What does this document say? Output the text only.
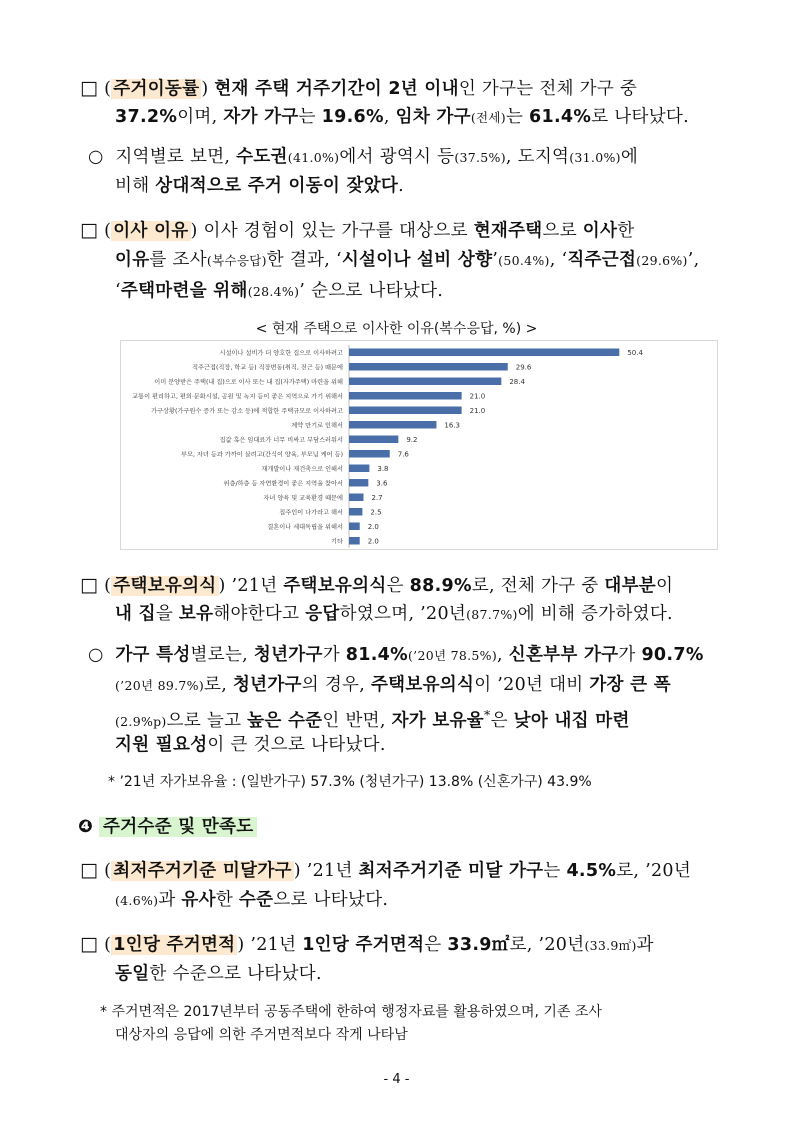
□ ( 주거이동률 ) 현재 주택 거주기간이 2년 이내인 가구는 전체 가구 중
37.2%이며, 자가 가구는 19.6%, 임차 가구(전세)는 61.4%로 나타났다.
○ 지역별로 보면, 수도권(41.0%)에서 광역시 등(37.5%), 도지역(31.0%)에
비해 상대적으로 주거 이동이 잦았다.
□ ( 이사 이유 ) 이사 경험이 있는 가구를 대상으로 현재주택으로 이사한
이유를 조사(복수응답)한 결과, ‘시설이나 설비 상향’(50.4%), ‘직주근접(29.6%)’,
‘주택마련을 위해(28.4%)’ 순으로 나타났다.
< 현재 주택으로 이사한 이유(복수응답, %) >
시설이나 설비가 더 양호한 집으로 이사하려고	50.4
직주근접(직장, 학교 등) 직장변동(취직, 전근 등) 때문에	29.6
이미 분양받은 주택(내 집)으로 이사 또는 내 집(자가주택) 마련을 위해	28.4
교통이 편리하고, 편의·문화시설, 공원 및 녹지 등이 좋은 지역으로 가기 위해서	21.0
가구상황(가구원수 증가 또는 감소 등)에 적합한 주택규모로 이사하려고	21.0
계약 만기로 인해서	16.3
집값 혹은 임대료가 너무 비싸고 부담스러워서	9.2
부모, 자녀 등과 가까이 살려고(간식이 양육, 부모님 케어 등)	7.6
재개발이나 재건축으로 인해서	3.8
위층/하층 등 자연환경이 좋은 지역을 찾아서	3.6
자녀 양육 및 교육환경 때문에	2.7
집주인이 나가라고 해서	2.5
결혼이나 세대독립을 위해서	2.0
기타	2.0
□ ( 주택보유의식 ) ’21년 주택보유의식은 88.9%로, 전체 가구 중 대부분이
내 집을 보유해야한다고 응답하였으며, ’20년(87.7%)에 비해 증가하였다.
○ 가구 특성별로는, 청년가구가 81.4%(’20년 78.5%), 신혼부부 가구가 90.7%
(’20년 89.7%)로, 청년가구의 경우, 주택보유의식이 ’20년 대비 가장 큰 폭
(2.9%p)으로 늘고 높은 수준인 반면, 자가 보유율*은 낮아 내집 마련
지원 필요성이 큰 것으로 나타났다.
* ’21년 자가보유율 : (일반가구) 57.3% (청년가구) 13.8% (신혼가구) 43.9%
❹ 주거수준 및 만족도
□ ( 최저주거기준 미달가구 ) ’21년 최저주거기준 미달 가구는 4.5%로, ’20년
(4.6%)과 유사한 수준으로 나타났다.
□ ( 1인당 주거면적 ) ’21년 1인당 주거면적은 33.9㎡로, ’20년(33.9㎡)과
동일한 수준으로 나타났다.
* 주거면적은 2017년부터 공동주택에 한하여 행정자료를 활용하였으며, 기존 조사
대상자의 응답에 의한 주거면적보다 작게 나타남
- 4 -
